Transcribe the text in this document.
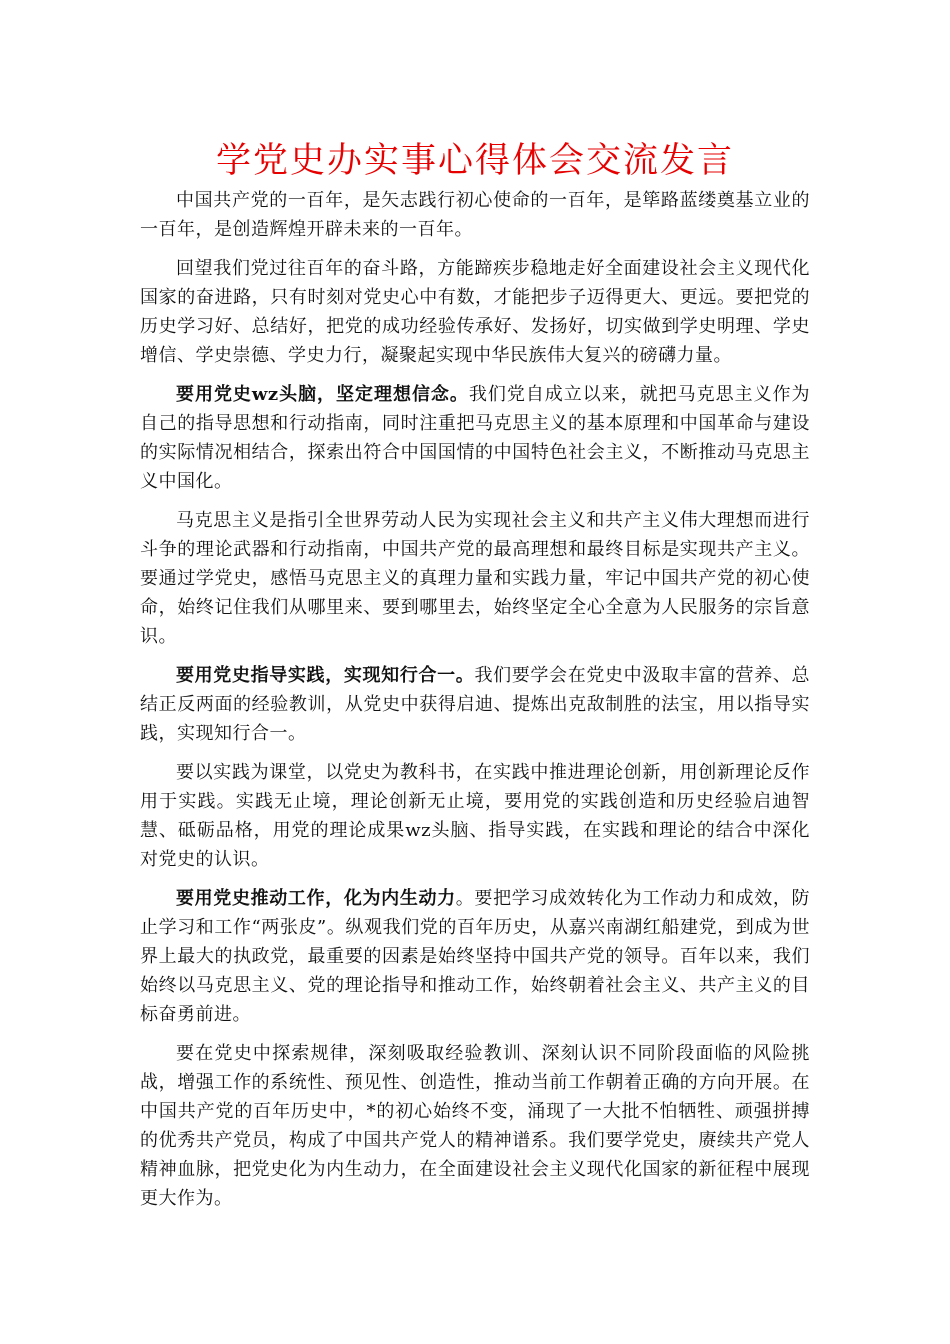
学党史办实事心得体会交流发言

中国共产党的一百年，是矢志践行初心使命的一百年，是筚路蓝缕奠基立业的一百年，是创造辉煌开辟未来的一百年。

回望我们党过往百年的奋斗路，方能蹄疾步稳地走好全面建设社会主义现代化国家的奋进路，只有时刻对党史心中有数，才能把步子迈得更大、更远。要把党的历史学习好、总结好，把党的成功经验传承好、发扬好，切实做到学史明理、学史增信、学史崇德、学史力行，凝聚起实现中华民族伟大复兴的磅礴力量。

要用党史wz头脑，坚定理想信念。我们党自成立以来，就把马克思主义作为自己的指导思想和行动指南，同时注重把马克思主义的基本原理和中国革命与建设的实际情况相结合，探索出符合中国国情的中国特色社会主义，不断推动马克思主义中国化。

马克思主义是指引全世界劳动人民为实现社会主义和共产主义伟大理想而进行斗争的理论武器和行动指南，中国共产党的最高理想和最终目标是实现共产主义。要通过学党史，感悟马克思主义的真理力量和实践力量，牢记中国共产党的初心使命，始终记住我们从哪里来、要到哪里去，始终坚定全心全意为人民服务的宗旨意识。

要用党史指导实践，实现知行合一。我们要学会在党史中汲取丰富的营养、总结正反两面的经验教训，从党史中获得启迪、提炼出克敌制胜的法宝，用以指导实践，实现知行合一。

要以实践为课堂，以党史为教科书，在实践中推进理论创新，用创新理论反作用于实践。实践无止境，理论创新无止境，要用党的实践创造和历史经验启迪智慧、砥砺品格，用党的理论成果wz头脑、指导实践，在实践和理论的结合中深化对党史的认识。

要用党史推动工作，化为内生动力。要把学习成效转化为工作动力和成效，防止学习和工作“两张皮”。纵观我们党的百年历史，从嘉兴南湖红船建党，到成为世界上最大的执政党，最重要的因素是始终坚持中国共产党的领导。百年以来，我们始终以马克思主义、党的理论指导和推动工作，始终朝着社会主义、共产主义的目标奋勇前进。

要在党史中探索规律，深刻吸取经验教训、深刻认识不同阶段面临的风险挑战，增强工作的系统性、预见性、创造性，推动当前工作朝着正确的方向开展。在中国共产党的百年历史中，*的初心始终不变，涌现了一大批不怕牺牲、顽强拼搏的优秀共产党员，构成了中国共产党人的精神谱系。我们要学党史，赓续共产党人精神血脉，把党史化为内生动力，在全面建设社会主义现代化国家的新征程中展现更大作为。
